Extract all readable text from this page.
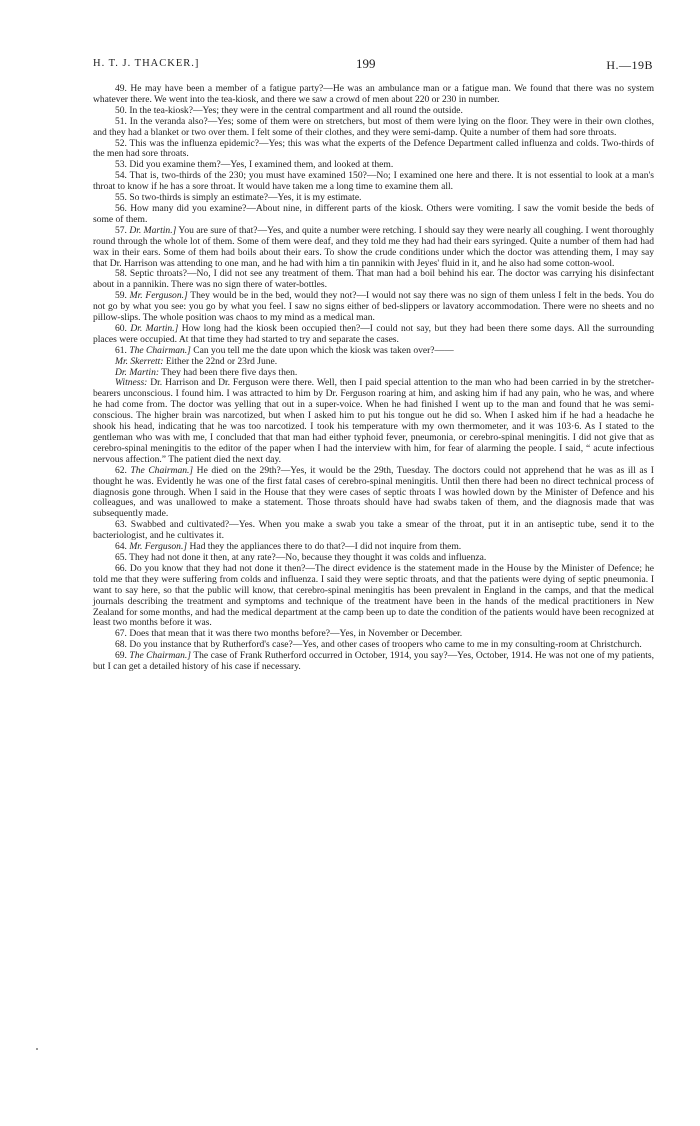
H. T. J. THACKER.]	199	H.—19B

49. He may have been a member of a fatigue party?—He was an ambulance man or a fatigue man. We found that there was no system whatever there. We went into the tea-kiosk, and there we saw a crowd of men about 220 or 230 in number.

50. In the tea-kiosk?—Yes; they were in the central compartment and all round the outside.

51. In the veranda also?—Yes; some of them were on stretchers, but most of them were lying on the floor. They were in their own clothes, and they had a blanket or two over them. I felt some of their clothes, and they were semi-damp. Quite a number of them had sore throats.

52. This was the influenza epidemic?—Yes; this was what the experts of the Defence Department called influenza and colds. Two-thirds of the men had sore throats.

53. Did you examine them?—Yes, I examined them, and looked at them.

54. That is, two-thirds of the 230; you must have examined 150?—No; I examined one here and there. It is not essential to look at a man's throat to know if he has a sore throat. It would have taken me a long time to examine them all.

55. So two-thirds is simply an estimate?—Yes, it is my estimate.

56. How many did you examine?—About nine, in different parts of the kiosk. Others were vomiting. I saw the vomit beside the beds of some of them.

57. Dr. Martin.] You are sure of that?—Yes, and quite a number were retching. I should say they were nearly all coughing. I went thoroughly round through the whole lot of them. Some of them were deaf, and they told me they had had their ears syringed. Quite a number of them had had wax in their ears. Some of them had boils about their ears. To show the crude conditions under which the doctor was attending them, I may say that Dr. Harrison was attending to one man, and he had with him a tin pannikin with Jeyes' fluid in it, and he also had some cotton-wool.

58. Septic throats?—No, I did not see any treatment of them. That man had a boil behind his ear. The doctor was carrying his disinfectant about in a pannikin. There was no sign there of water-bottles.

59. Mr. Ferguson.] They would be in the bed, would they not?—I would not say there was no sign of them unless I felt in the beds. You do not go by what you see: you go by what you feel. I saw no signs either of bed-slippers or lavatory accommodation. There were no sheets and no pillow-slips. The whole position was chaos to my mind as a medical man.

60. Dr. Martin.] How long had the kiosk been occupied then?—I could not say, but they had been there some days. All the surrounding places were occupied. At that time they had started to try and separate the cases.

61. The Chairman.] Can you tell me the date upon which the kiosk was taken over?——

Mr. Skerrett: Either the 22nd or 23rd June.

Dr. Martin: They had been there five days then.

Witness: Dr. Harrison and Dr. Ferguson were there. Well, then I paid special attention to the man who had been carried in by the stretcher-bearers unconscious. I found him. I was attracted to him by Dr. Ferguson roaring at him, and asking him if had any pain, who he was, and where he had come from. The doctor was yelling that out in a super-voice. When he had finished I went up to the man and found that he was semi-conscious. The higher brain was narcotized, but when I asked him to put his tongue out he did so. When I asked him if he had a headache he shook his head, indicating that he was too narcotized. I took his temperature with my own thermometer, and it was 103·6. As I stated to the gentleman who was with me, I concluded that that man had either typhoid fever, pneumonia, or cerebro-spinal meningitis. I did not give that as cerebro-spinal meningitis to the editor of the paper when I had the interview with him, for fear of alarming the people. I said, “ acute infectious nervous affection.” The patient died the next day.

62. The Chairman.] He died on the 29th?—Yes, it would be the 29th, Tuesday. The doctors could not apprehend that he was as ill as I thought he was. Evidently he was one of the first fatal cases of cerebro-spinal meningitis. Until then there had been no direct technical process of diagnosis gone through. When I said in the House that they were cases of septic throats I was howled down by the Minister of Defence and his colleagues, and was unallowed to make a statement. Those throats should have had swabs taken of them, and the diagnosis made that was subsequently made.

63. Swabbed and cultivated?—Yes. When you make a swab you take a smear of the throat, put it in an antiseptic tube, send it to the bacteriologist, and he cultivates it.

64. Mr. Ferguson.] Had they the appliances there to do that?—I did not inquire from them.

65. They had not done it then, at any rate?—No, because they thought it was colds and influenza.

66. Do you know that they had not done it then?—The direct evidence is the statement made in the House by the Minister of Defence; he told me that they were suffering from colds and influenza. I said they were septic throats, and that the patients were dying of septic pneumonia. I want to say here, so that the public will know, that cerebro-spinal meningitis has been prevalent in England in the camps, and that the medical journals describing the treatment and symptoms and technique of the treatment have been in the hands of the medical practitioners in New Zealand for some months, and had the medical department at the camp been up to date the condition of the patients would have been recognized at least two months before it was.

67. Does that mean that it was there two months before?—Yes, in November or December.

68. Do you instance that by Rutherford's case?—Yes, and other cases of troopers who came to me in my consulting-room at Christchurch.

69. The Chairman.] The case of Frank Rutherford occurred in October, 1914, you say?—Yes, October, 1914. He was not one of my patients, but I can get a detailed history of his case if necessary.
